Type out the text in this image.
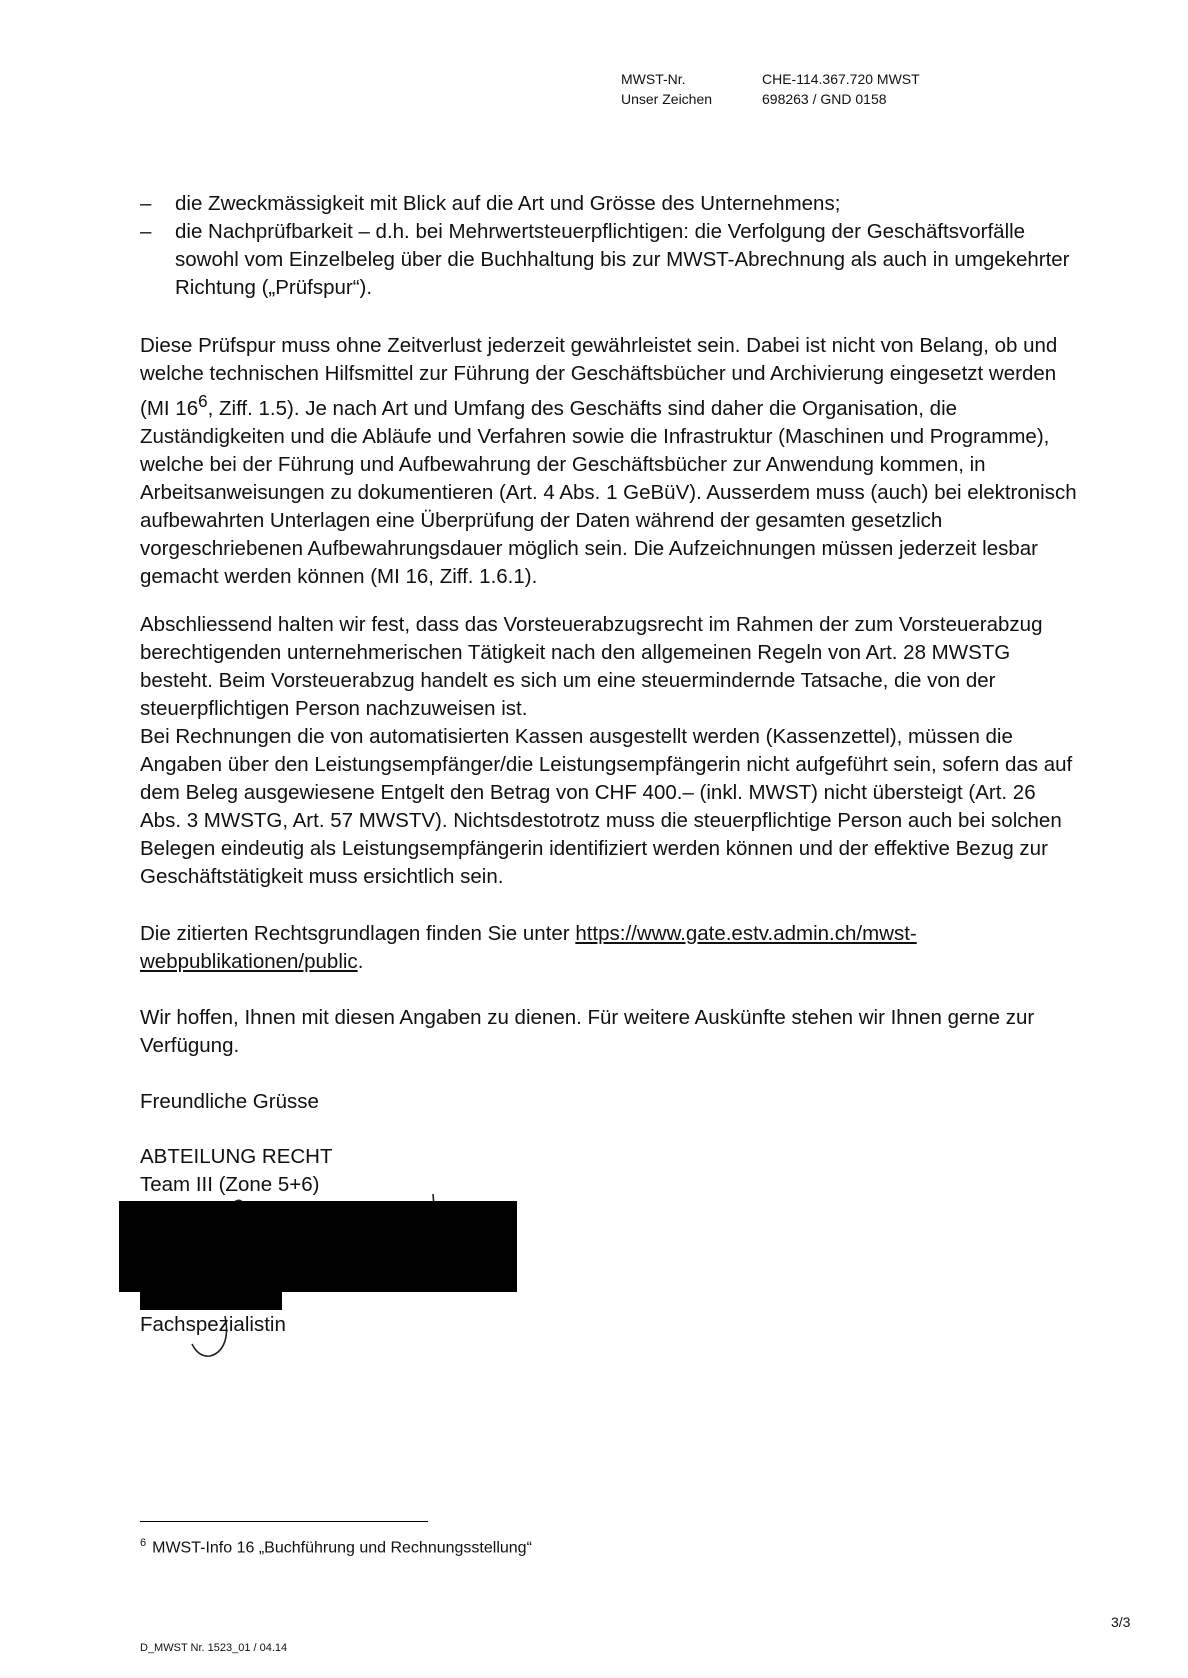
MWST-Nr.	CHE-114.367.720 MWST
Unser Zeichen	698263 / GND 0158
– die Zweckmässigkeit mit Blick auf die Art und Grösse des Unternehmens;
– die Nachprüfbarkeit – d.h. bei Mehrwertsteuerpflichtigen: die Verfolgung der Geschäftsvorfälle sowohl vom Einzelbeleg über die Buchhaltung bis zur MWST-Abrechnung als auch in umgekehrter Richtung („Prüfspur“).

Diese Prüfspur muss ohne Zeitverlust jederzeit gewährleistet sein. Dabei ist nicht von Belang, ob und welche technischen Hilfsmittel zur Führung der Geschäftsbücher und Archivierung eingesetzt werden (MI $16^6$, Ziff. 1.5). Je nach Art und Umfang des Geschäfts sind daher die Organisation, die Zuständigkeiten und die Abläufe und Verfahren sowie die Infrastruktur (Maschinen und Programme), welche bei der Führung und Aufbewahrung der Geschäftsbücher zur Anwendung kommen, in Arbeitsanweisungen zu dokumentieren (Art. 4 Abs. 1 GeBüV). Ausserdem muss (auch) bei elektronisch aufbewahrten Unterlagen eine Überprüfung der Daten während der gesamten gesetzlich vorgeschriebenen Aufbewahrungsdauer möglich sein. Die Aufzeichnungen müssen jederzeit lesbar gemacht werden können (MI 16, Ziff. 1.6.1).

Abschliessend halten wir fest, dass das Vorsteuerabzugsrecht im Rahmen der zum Vorsteuerabzug berechtigenden unternehmerischen Tätigkeit nach den allgemeinen Regeln von Art. 28 MWSTG besteht. Beim Vorsteuerabzug handelt es sich um eine steuermindernde Tatsache, die von der steuerpflichtigen Person nachzuweisen ist.

Bei Rechnungen die von automatisierten Kassen ausgestellt werden (Kassenzettel), müssen die Angaben über den Leistungsempfänger/die Leistungsempfängerin nicht aufgeführt sein, sofern das auf dem Beleg ausgewiesene Entgelt den Betrag von CHF 400.– (inkl. MWST) nicht übersteigt (Art. 26 Abs. 3 MWSTG, Art. 57 MWSTV). Nichtsdestotrotz muss die steuerpflichtige Person auch bei solchen Belegen eindeutig als Leistungsempfängerin identifiziert werden können und der effektive Bezug zur Geschäftstätigkeit muss ersichtlich sein.

Die zitierten Rechtsgrundlagen finden Sie unter https://www.gate.estv.admin.ch/mwst-webpublikationen/public.

Wir hoffen, Ihnen mit diesen Angaben zu dienen. Für weitere Auskünfte stehen wir Ihnen gerne zur Verfügung.

Freundliche Grüsse
ABTEILUNG RECHT
Team III (Zone 5+6)
Fachspezialistin
$^6$ MWST-Info 16 „Buchführung und Rechnungsstellung“
3/3
D_MWST Nr. 1523_01 / 04.14
